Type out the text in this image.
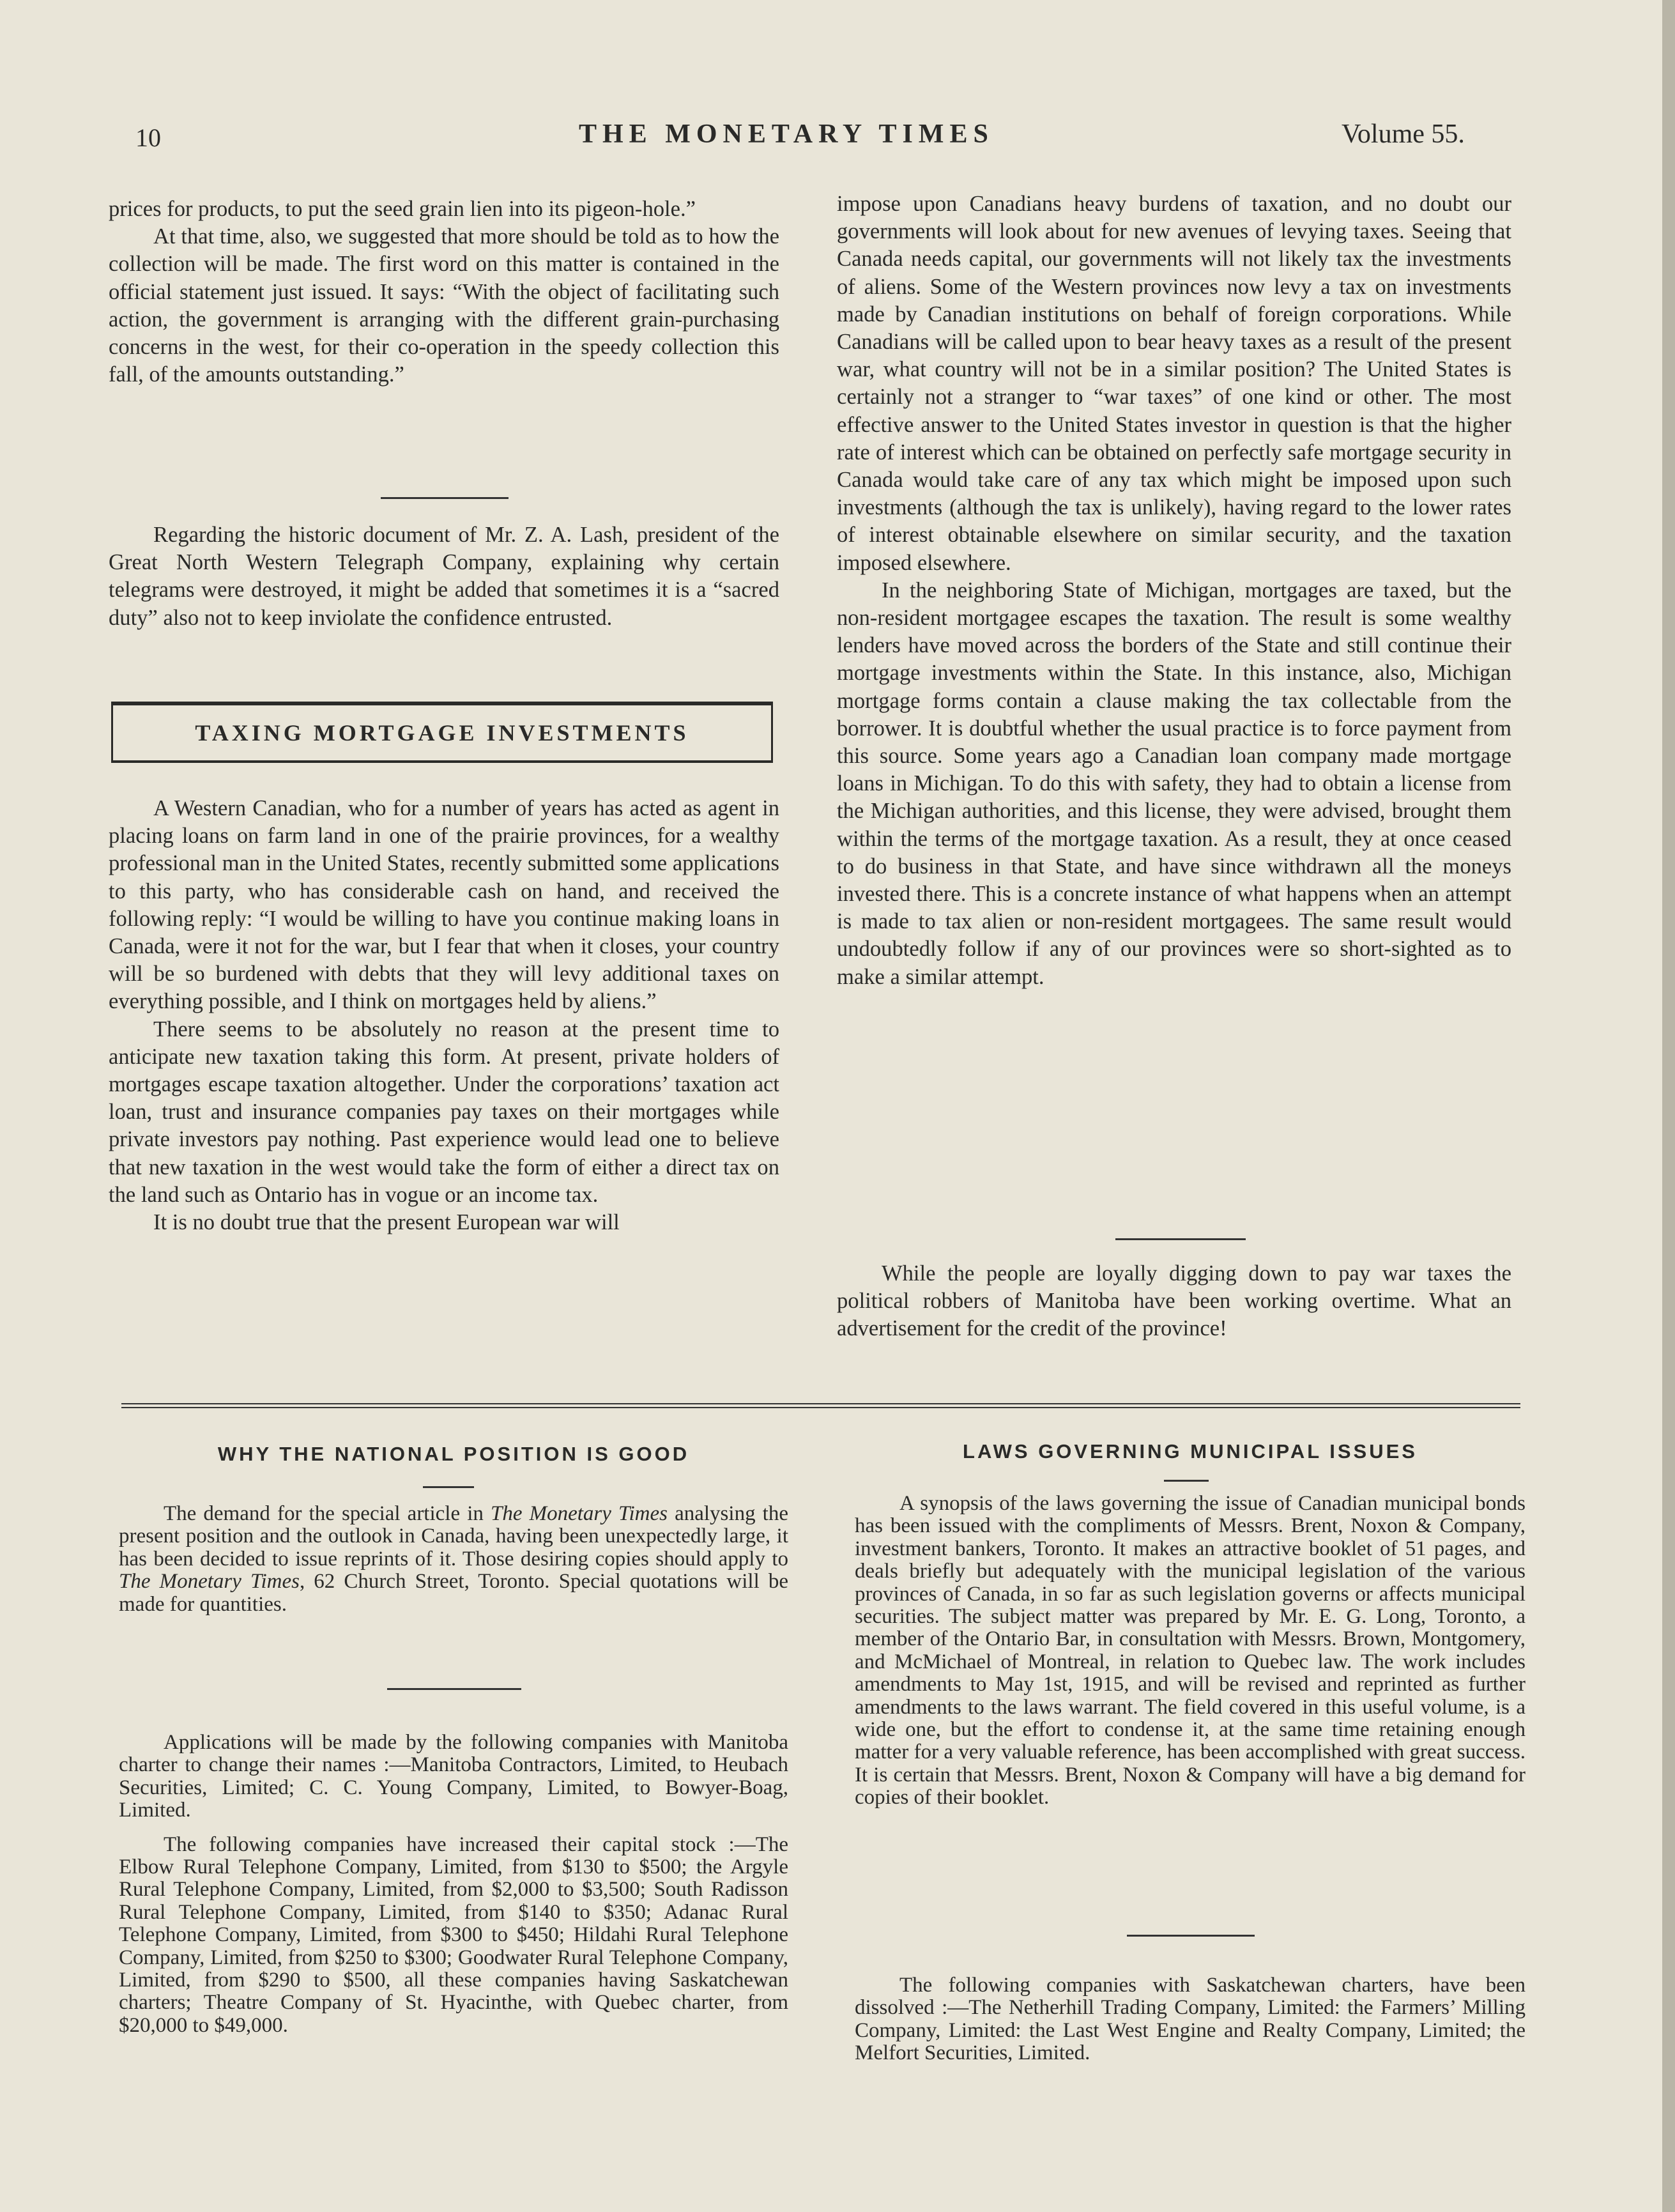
10	THE MONETARY TIMES	Volume 55.

prices for products, to put the seed grain lien into its pigeon-hole.”

At that time, also, we suggested that more should be told as to how the collection will be made. The first word on this matter is contained in the official statement just issued. It says: “With the object of facilitating such action, the government is arranging with the different grain-purchasing concerns in the west, for their co-operation in the speedy collection this fall, of the amounts outstanding.”

Regarding the historic document of Mr. Z. A. Lash, president of the Great North Western Telegraph Company, explaining why certain telegrams were destroyed, it might be added that sometimes it is a “sacred duty” also not to keep inviolate the confidence entrusted.

TAXING MORTGAGE INVESTMENTS

A Western Canadian, who for a number of years has acted as agent in placing loans on farm land in one of the prairie provinces, for a wealthy professional man in the United States, recently submitted some applications to this party, who has considerable cash on hand, and received the following reply: “I would be willing to have you continue making loans in Canada, were it not for the war, but I fear that when it closes, your country will be so burdened with debts that they will levy additional taxes on everything possible, and I think on mortgages held by aliens.”

There seems to be absolutely no reason at the present time to anticipate new taxation taking this form. At present, private holders of mortgages escape taxation altogether. Under the corporations’ taxation act loan, trust and insurance companies pay taxes on their mortgages while private investors pay nothing. Past experience would lead one to believe that new taxation in the west would take the form of either a direct tax on the land such as Ontario has in vogue or an income tax.

It is no doubt true that the present European war will

impose upon Canadians heavy burdens of taxation, and no doubt our governments will look about for new avenues of levying taxes. Seeing that Canada needs capital, our governments will not likely tax the investments of aliens. Some of the Western provinces now levy a tax on investments made by Canadian institutions on behalf of foreign corporations. While Canadians will be called upon to bear heavy taxes as a result of the present war, what country will not be in a similar position? The United States is certainly not a stranger to “war taxes” of one kind or other. The most effective answer to the United States investor in question is that the higher rate of interest which can be obtained on perfectly safe mortgage security in Canada would take care of any tax which might be imposed upon such investments (although the tax is unlikely), having regard to the lower rates of interest obtainable elsewhere on similar security, and the taxation imposed elsewhere.

In the neighboring State of Michigan, mortgages are taxed, but the non-resident mortgagee escapes the taxation. The result is some wealthy lenders have moved across the borders of the State and still continue their mortgage investments within the State. In this instance, also, Michigan mortgage forms contain a clause making the tax collectable from the borrower. It is doubtful whether the usual practice is to force payment from this source. Some years ago a Canadian loan company made mortgage loans in Michigan. To do this with safety, they had to obtain a license from the Michigan authorities, and this license, they were advised, brought them within the terms of the mortgage taxation. As a result, they at once ceased to do business in that State, and have since withdrawn all the moneys invested there. This is a concrete instance of what happens when an attempt is made to tax alien or non-resident mortgagees. The same result would undoubtedly follow if any of our provinces were so short-sighted as to make a similar attempt.

While the people are loyally digging down to pay war taxes the political robbers of Manitoba have been working overtime. What an advertisement for the credit of the province!

WHY THE NATIONAL POSITION IS GOOD

The demand for the special article in The Monetary Times analysing the present position and the outlook in Canada, having been unexpectedly large, it has been decided to issue reprints of it. Those desiring copies should apply to The Monetary Times, 62 Church Street, Toronto. Special quotations will be made for quantities.

Applications will be made by the following companies with Manitoba charter to change their names :—Manitoba Contractors, Limited, to Heubach Securities, Limited; C. C. Young Company, Limited, to Bowyer-Boag, Limited.

The following companies have increased their capital stock :—The Elbow Rural Telephone Company, Limited, from $130 to $500; the Argyle Rural Telephone Company, Limited, from $2,000 to $3,500; South Radisson Rural Telephone Company, Limited, from $140 to $350; Adanac Rural Telephone Company, Limited, from $300 to $450; Hildahi Rural Telephone Company, Limited, from $250 to $300; Goodwater Rural Telephone Company, Limited, from $290 to $500, all these companies having Saskatchewan charters; Theatre Company of St. Hyacinthe, with Quebec charter, from $20,000 to $49,000.

LAWS GOVERNING MUNICIPAL ISSUES

A synopsis of the laws governing the issue of Canadian municipal bonds has been issued with the compliments of Messrs. Brent, Noxon & Company, investment bankers, Toronto. It makes an attractive booklet of 51 pages, and deals briefly but adequately with the municipal legislation of the various provinces of Canada, in so far as such legislation governs or affects municipal securities. The subject matter was prepared by Mr. E. G. Long, Toronto, a member of the Ontario Bar, in consultation with Messrs. Brown, Montgomery, and McMichael of Montreal, in relation to Quebec law. The work includes amendments to May 1st, 1915, and will be revised and reprinted as further amendments to the laws warrant. The field covered in this useful volume, is a wide one, but the effort to condense it, at the same time retaining enough matter for a very valuable reference, has been accomplished with great success. It is certain that Messrs. Brent, Noxon & Company will have a big demand for copies of their booklet.

The following companies with Saskatchewan charters, have been dissolved :—The Netherhill Trading Company, Limited: the Farmers’ Milling Company, Limited: the Last West Engine and Realty Company, Limited; the Melfort Securities, Limited.
